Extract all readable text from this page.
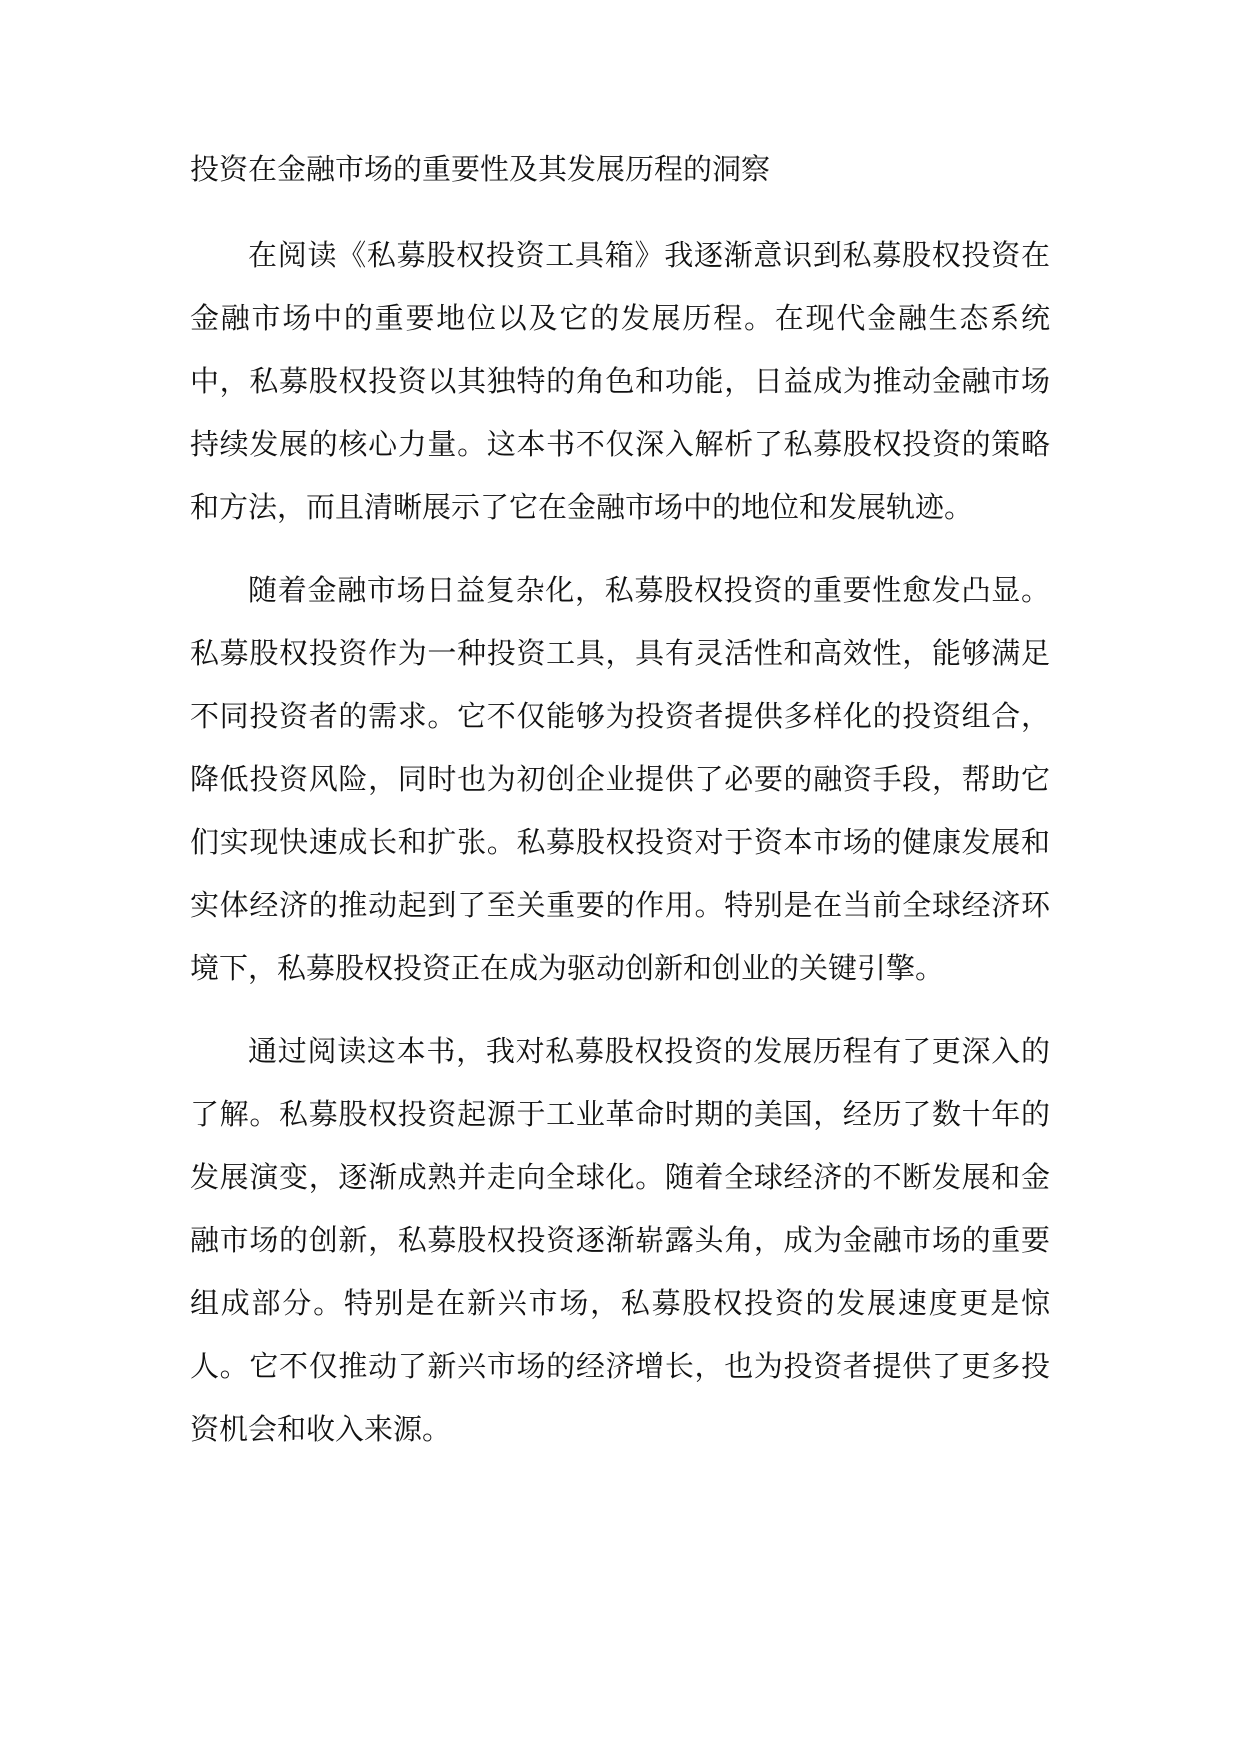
投资在金融市场的重要性及其发展历程的洞察

在阅读《私募股权投资工具箱》我逐渐意识到私募股权投资在金融市场中的重要地位以及它的发展历程。在现代金融生态系统中，私募股权投资以其独特的角色和功能，日益成为推动金融市场持续发展的核心力量。这本书不仅深入解析了私募股权投资的策略和方法，而且清晰展示了它在金融市场中的地位和发展轨迹。

随着金融市场日益复杂化，私募股权投资的重要性愈发凸显。私募股权投资作为一种投资工具，具有灵活性和高效性，能够满足不同投资者的需求。它不仅能够为投资者提供多样化的投资组合，降低投资风险，同时也为初创企业提供了必要的融资手段，帮助它们实现快速成长和扩张。私募股权投资对于资本市场的健康发展和实体经济的推动起到了至关重要的作用。特别是在当前全球经济环境下，私募股权投资正在成为驱动创新和创业的关键引擎。

通过阅读这本书，我对私募股权投资的发展历程有了更深入的了解。私募股权投资起源于工业革命时期的美国，经历了数十年的发展演变，逐渐成熟并走向全球化。随着全球经济的不断发展和金融市场的创新，私募股权投资逐渐崭露头角，成为金融市场的重要组成部分。特别是在新兴市场，私募股权投资的发展速度更是惊人。它不仅推动了新兴市场的经济增长，也为投资者提供了更多投资机会和收入来源。
